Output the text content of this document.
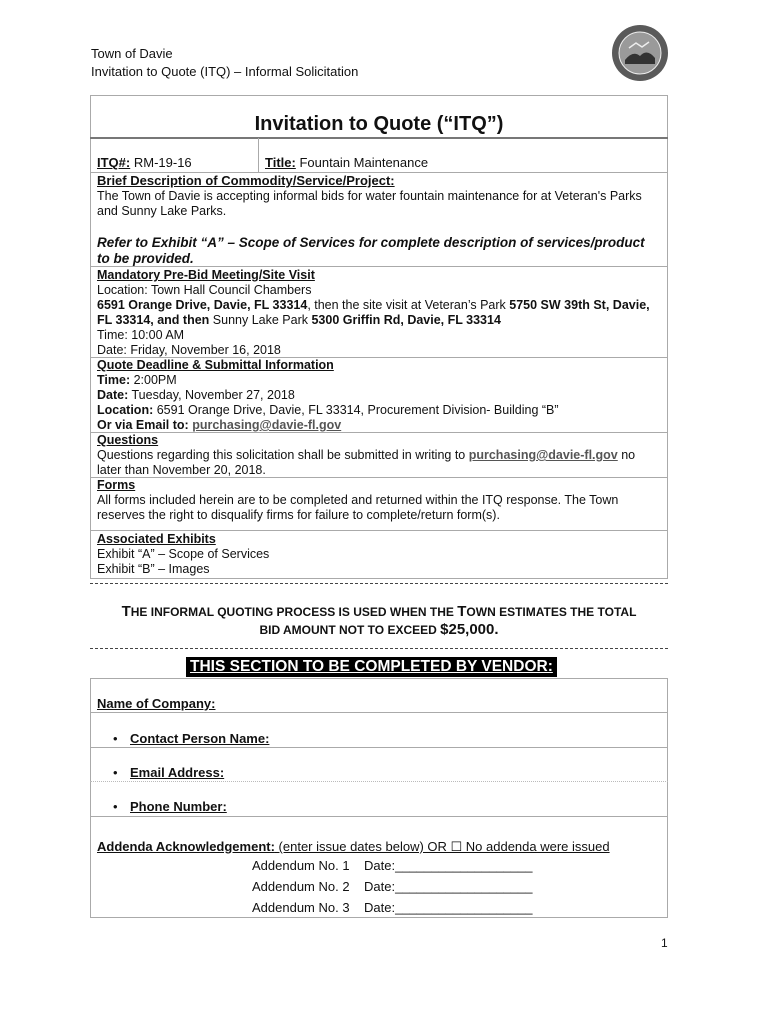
Town of Davie
Invitation to Quote (ITQ) – Informal Solicitation
Invitation to Quote (“ITQ”)
ITQ#: RM-19-16	Title: Fountain Maintenance
Brief Description of Commodity/Service/Project:
The Town of Davie is accepting informal bids for water fountain maintenance for at Veteran's Parks
and Sunny Lake Parks.
Refer to Exhibit “A” – Scope of Services for complete description of services/product
to be provided.
Mandatory Pre-Bid Meeting/Site Visit
Location: Town Hall Council Chambers
6591 Orange Drive, Davie, FL 33314, then the site visit at Veteran’s Park 5750 SW 39th St, Davie,
FL 33314, and then Sunny Lake Park 5300 Griffin Rd, Davie, FL 33314
Time: 10:00 AM
Date: Friday, November 16, 2018
Quote Deadline & Submittal Information
Time: 2:00PM
Date: Tuesday, November 27, 2018
Location: 6591 Orange Drive, Davie, FL 33314, Procurement Division- Building “B”
Or via Email to: purchasing@davie-fl.gov
Questions
Questions regarding this solicitation shall be submitted in writing to purchasing@davie-fl.gov no
later than November 20, 2018.
Forms
All forms included herein are to be completed and returned within the ITQ response. The Town
reserves the right to disqualify firms for failure to complete/return form(s).
Associated Exhibits
Exhibit “A” – Scope of Services
Exhibit “B” – Images
THE INFORMAL QUOTING PROCESS IS USED WHEN THE TOWN ESTIMATES THE TOTAL
BID AMOUNT NOT TO EXCEED $25,000.
THIS SECTION TO BE COMPLETED BY VENDOR:
Name of Company:
• Contact Person Name:
• Email Address:
• Phone Number:
Addenda Acknowledgement: (enter issue dates below) OR ☐ No addenda were issued
Addendum No. 1 Date:___________________
Addendum No. 2 Date:___________________
Addendum No. 3 Date:___________________
1
